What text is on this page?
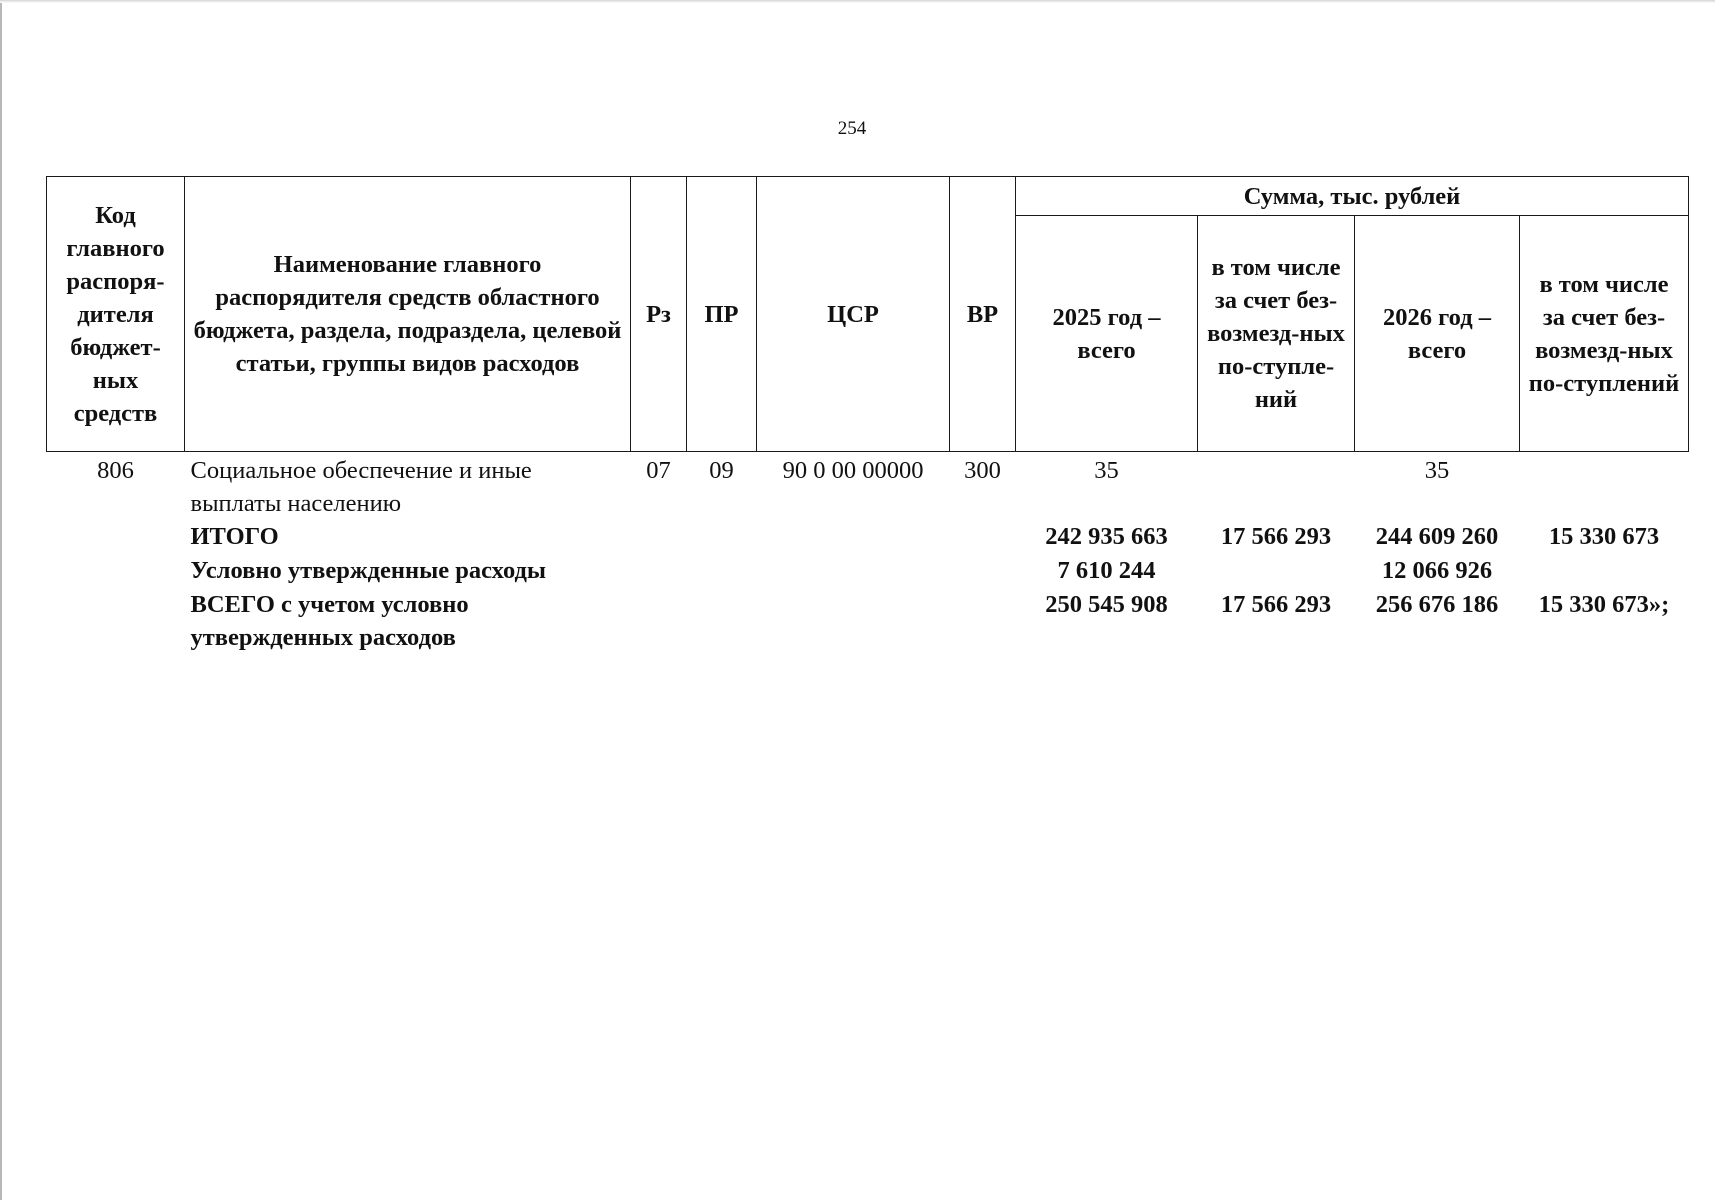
254
Код главного распоря-дителя бюджет-ных средств	Наименование главного распорядителя средств областного бюджета, раздела, подраздела, целевой статьи, группы видов расходов	Рз	ПР	ЦСР	ВР	Сумма, тыс. рублей			
						2025 год – всего	в том числе за счет без-возмезд-ных по-ступле-ний	2026 год – всего	в том числе за счет без-возмезд-ных по-ступлений
806	Социальное обеспечение и иные выплаты населению	07	09	90 0 00 00000	300	35		35	
	ИТОГО					242 935 663	17 566 293	244 609 260	15 330 673
	Условно утвержденные расходы					7 610 244		12 066 926	
	ВСЕГО с учетом условно утвержденных расходов					250 545 908	17 566 293	256 676 186	15 330 673»;
